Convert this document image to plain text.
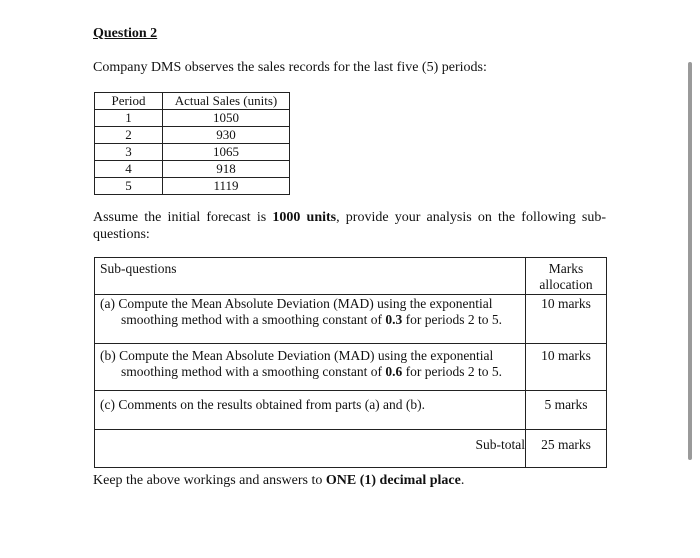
Question 2
Company DMS observes the sales records for the last five (5) periods:
Period	Actual Sales (units)
1	1050
2	930
3	1065
4	918
5	1119
Assume the initial forecast is 1000 units, provide your analysis on the following sub-questions:
Sub-questions	Marks allocation

(a) Compute the Mean Absolute Deviation (MAD) using the exponential
smoothing method with a smoothing constant of 0.3 for periods 2 to 5.	10 marks

(b) Compute the Mean Absolute Deviation (MAD) using the exponential
smoothing method with a smoothing constant of 0.6 for periods 2 to 5.	10 marks
(c) Comments on the results obtained from parts (a) and (b).	5 marks
Sub-total	25 marks
Keep the above workings and answers to ONE (1) decimal place.
